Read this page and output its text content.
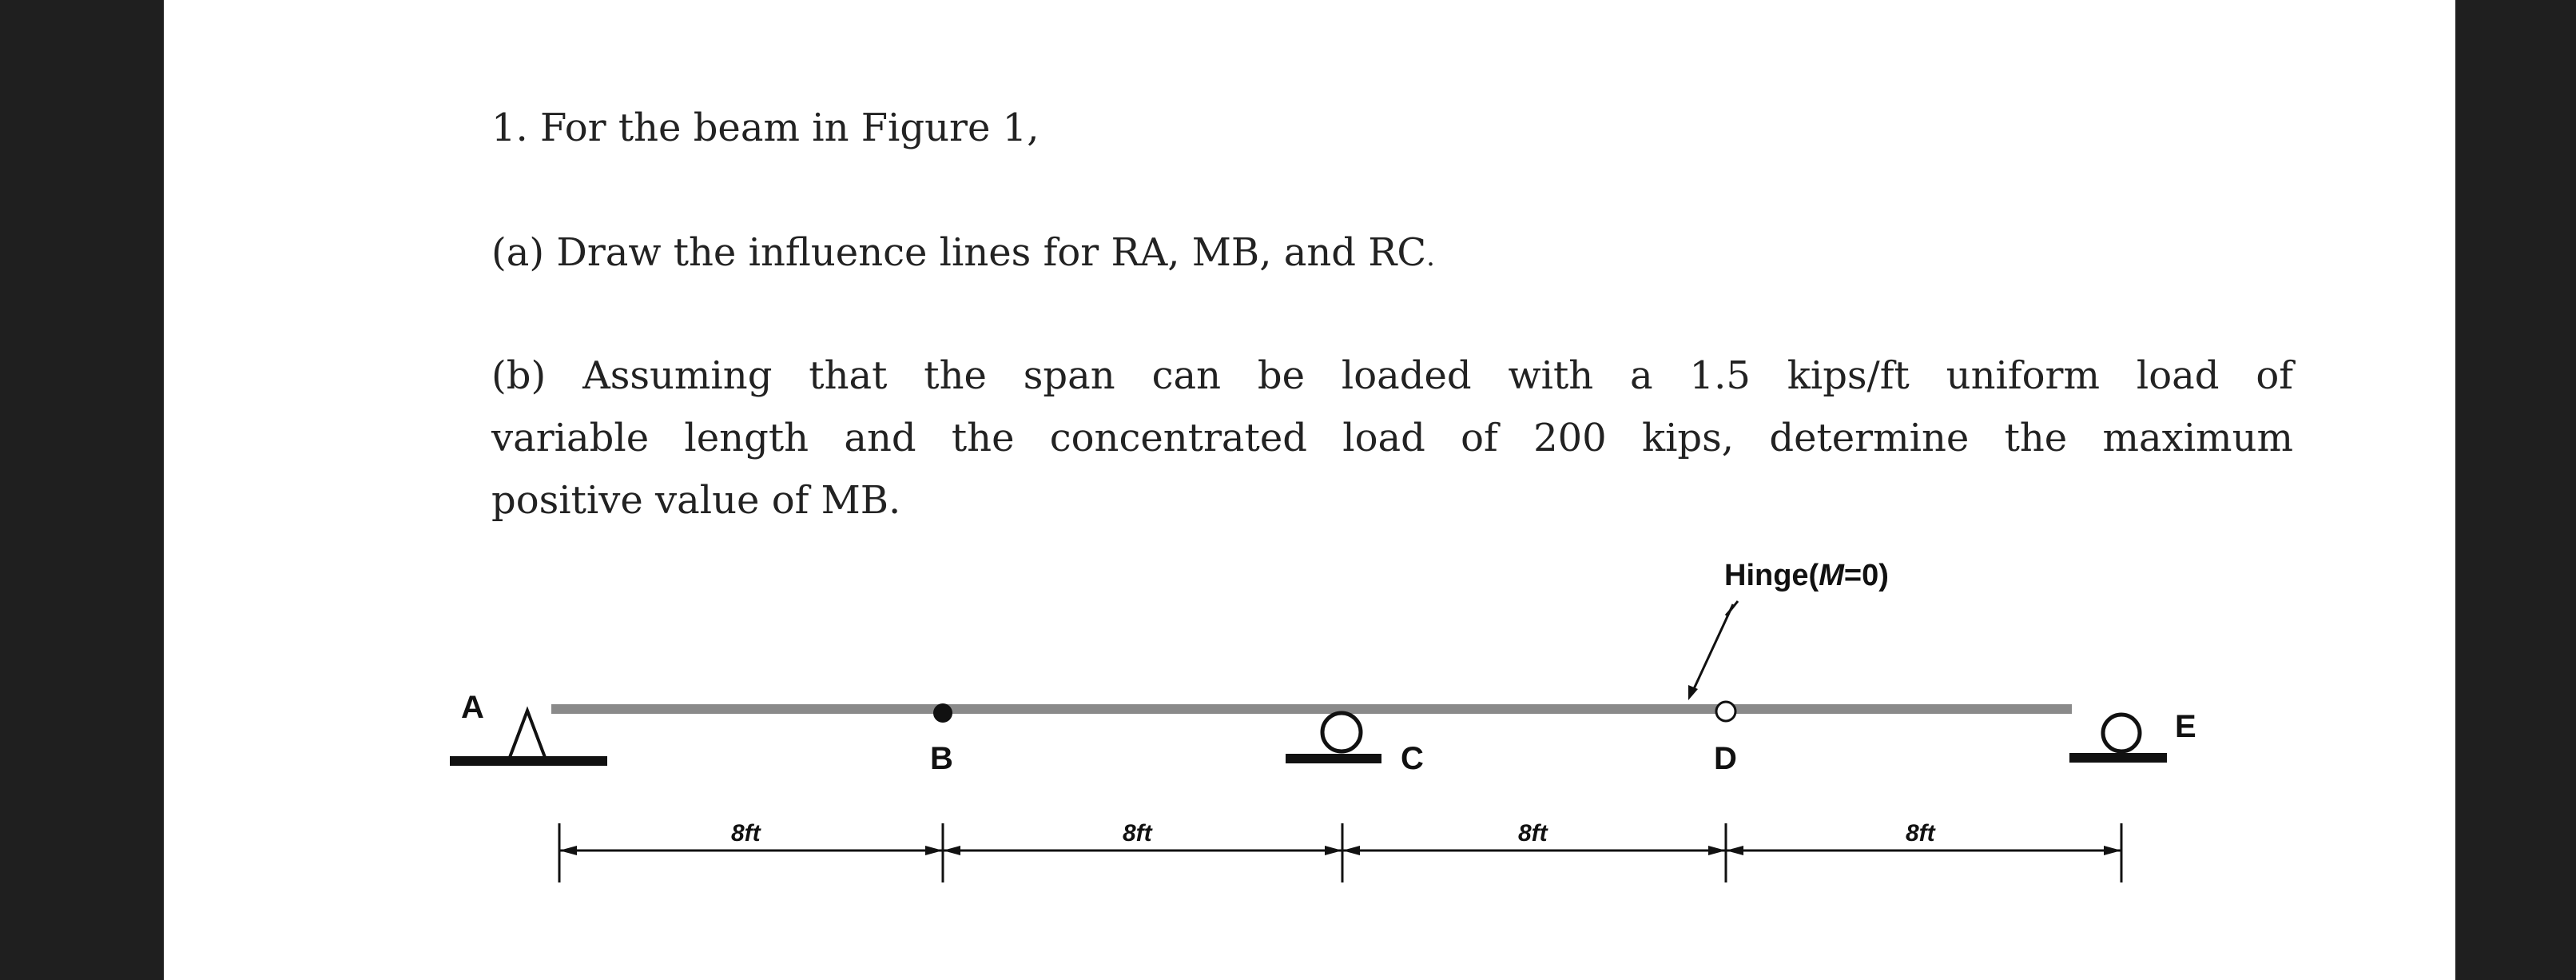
1. For the beam in Figure 1,

(a) Draw the influence lines for RA, MB, and RC.

(b) Assuming that the span can be loaded with a 1.5 kips/ft uniform load of

variable length and the concentrated load of 200 kips, determine the maximum

positive value of MB.

Hinge(M=0)
A
B	C	D
E
8ft	8ft	8ft	8ft
